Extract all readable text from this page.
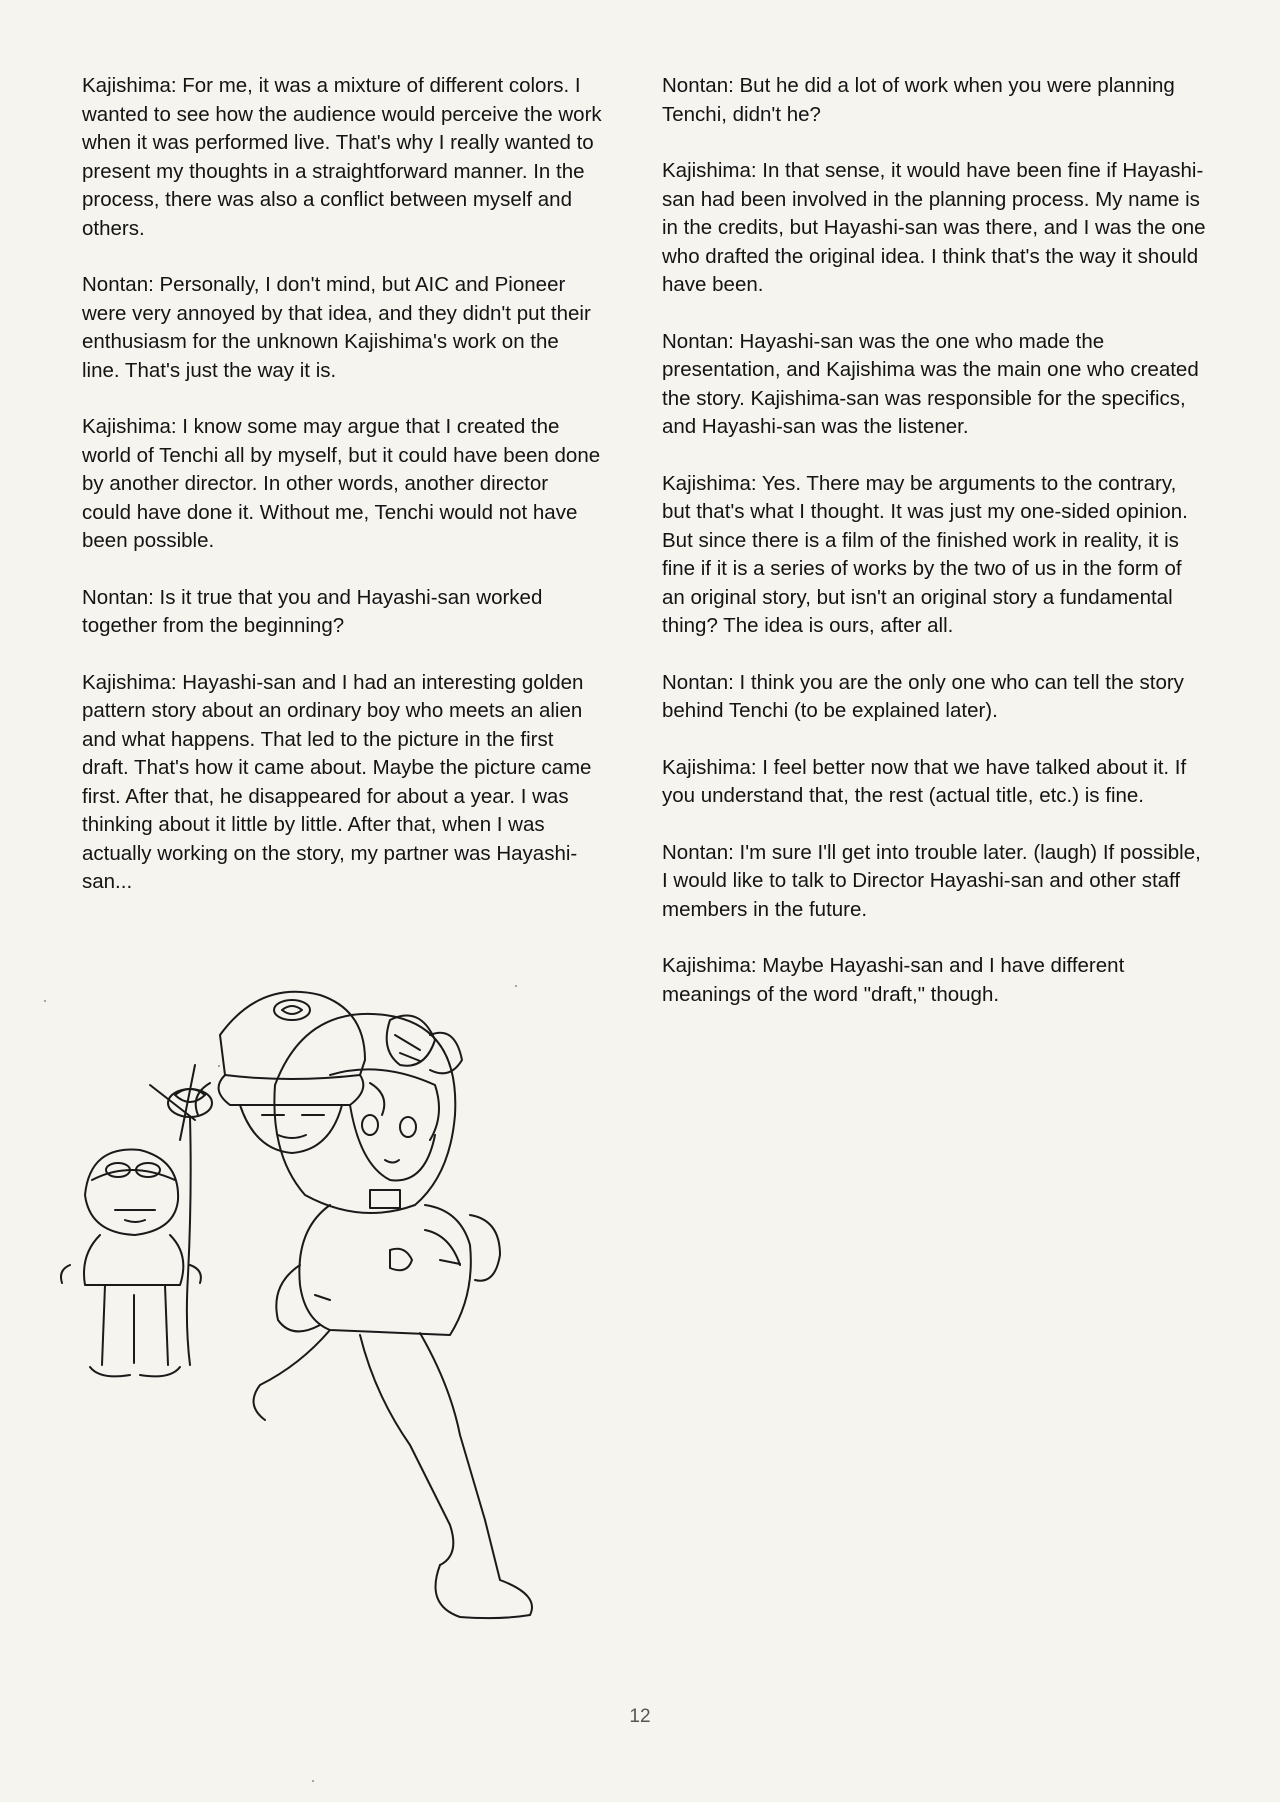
Kajishima: For me, it was a mixture of different colors. I wanted to see how the audience would perceive the work when it was performed live. That's why I really wanted to present my thoughts in a straightforward manner. In the process, there was also a conflict between myself and others.

Nontan: Personally, I don't mind, but AIC and Pioneer were very annoyed by that idea, and they didn't put their enthusiasm for the unknown Kajishima's work on the line. That's just the way it is.

Kajishima: I know some may argue that I created the world of Tenchi all by myself, but it could have been done by another director. In other words, another director could have done it. Without me, Tenchi would not have been possible.

Nontan: Is it true that you and Hayashi-san worked together from the beginning?

Kajishima: Hayashi-san and I had an interesting golden pattern story about an ordinary boy who meets an alien and what happens. That led to the picture in the first draft. That's how it came about. Maybe the picture came first. After that, he disappeared for about a year. I was thinking about it little by little. After that, when I was actually working on the story, my partner was Hayashi-san...

Nontan: But he did a lot of work when you were planning Tenchi, didn't he?

Kajishima: In that sense, it would have been fine if Hayashi-san had been involved in the planning process. My name is in the credits, but Hayashi-san was there, and I was the one who drafted the original idea. I think that's the way it should have been.

Nontan: Hayashi-san was the one who made the presentation, and Kajishima was the main one who created the story. Kajishima-san was responsible for the specifics, and Hayashi-san was the listener.

Kajishima: Yes. There may be arguments to the contrary, but that's what I thought. It was just my one-sided opinion. But since there is a film of the finished work in reality, it is fine if it is a series of works by the two of us in the form of an original story, but isn't an original story a fundamental thing? The idea is ours, after all.

Nontan: I think you are the only one who can tell the story behind Tenchi (to be explained later).

Kajishima: I feel better now that we have talked about it. If you understand that, the rest (actual title, etc.) is fine.

Nontan: I'm sure I'll get into trouble later. (laugh) If possible, I would like to talk to Director Hayashi-san and other staff members in the future.

Kajishima: Maybe Hayashi-san and I have different meanings of the word "draft," though.

12
